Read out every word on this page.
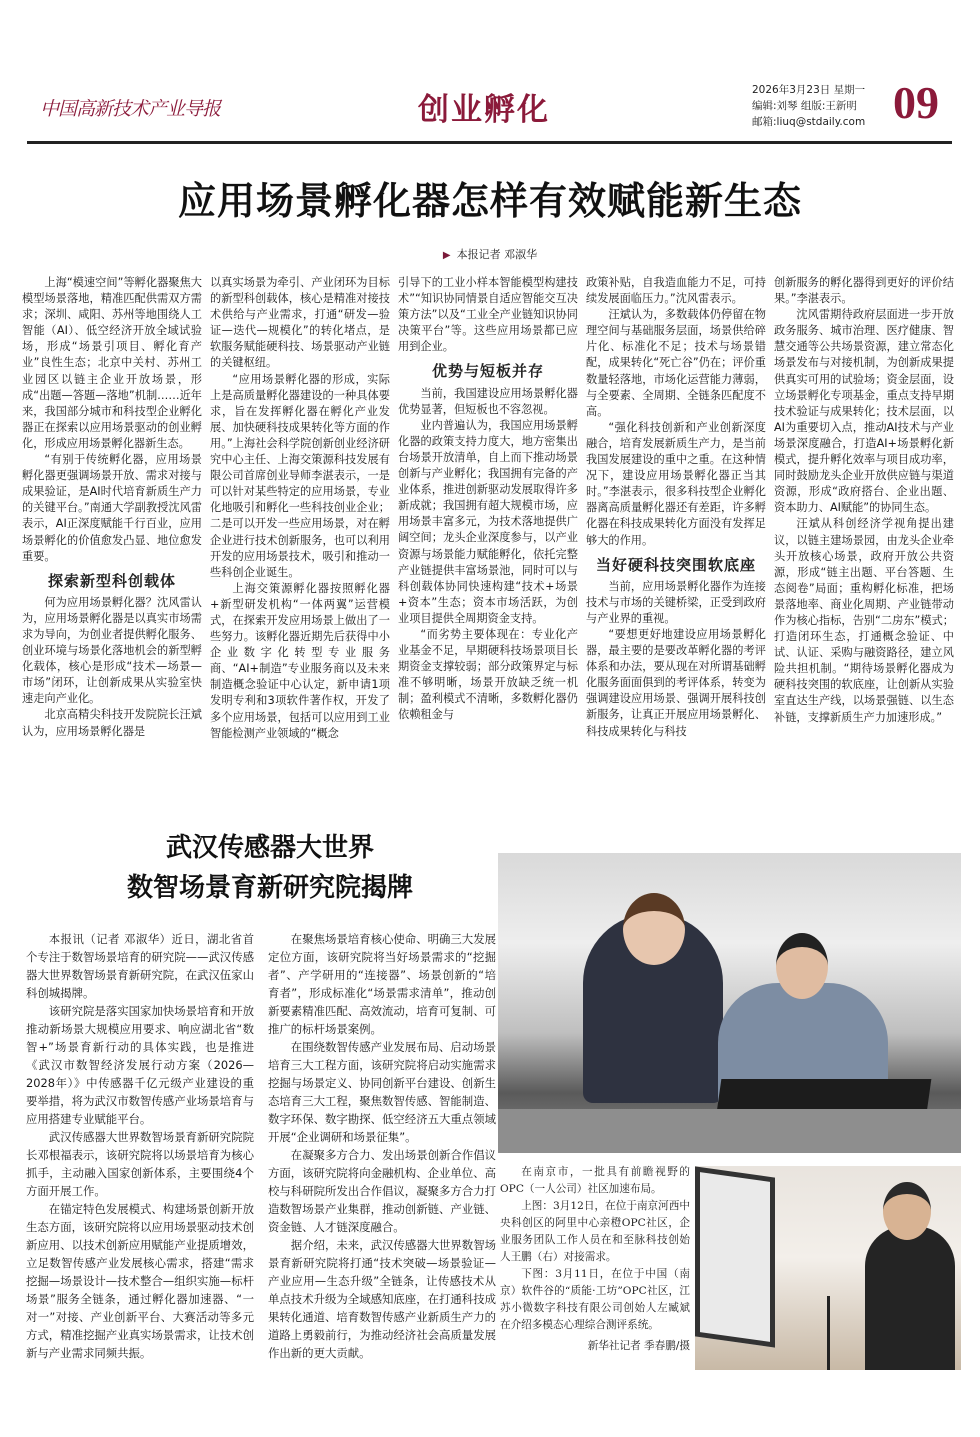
中国高新技术产业导报	创业孵化
2026年3月23日 星期一
编辑:刘琴 组版:王新明
邮箱:liuq@stdaily.com 09
应用场景孵化器怎样有效赋能新生态
▶ 本报记者 邓淑华

上海“模速空间”等孵化器聚焦大模型场景落地，精准匹配供需双方需求；深圳、咸阳、苏州等地围绕人工智能（AI）、低空经济开放全域试验场，形成“场景引项目、孵化育产业”良性生态；北京中关村、苏州工业园区以链主企业开放场景，形成“出题—答题—落地”机制……近年来，我国部分城市和科技型企业孵化器正在探索以应用场景驱动的创业孵化，形成应用场景孵化器新生态。

“有别于传统孵化器，应用场景孵化器更强调场景开放、需求对接与成果验证，是AI时代培育新质生产力的关键平台。”南通大学副教授沈风雷表示，AI正深度赋能千行百业，应用场景孵化的价值愈发凸显、地位愈发重要。

探索新型科创载体

何为应用场景孵化器？沈风雷认为，应用场景孵化器是以真实市场需求为导向，为创业者提供孵化服务、创业环境与场景化落地机会的新型孵化载体，核心是形成“技术—场景—市场”闭环，让创新成果从实验室快速走向产业化。

北京高精尖科技开发院院长汪斌认为，应用场景孵化器是

以真实场景为牵引、产业闭环为目标的新型科创载体，核心是精准对接技术供给与产业需求，打通“研发—验证—迭代—规模化”的转化堵点，是软服务赋能硬科技、场景驱动产业链的关键枢纽。

“应用场景孵化器的形成，实际上是高质量孵化器建设的一种具体要求，旨在发挥孵化器在孵化产业发展、加快硬科技成果转化等方面的作用。”上海社会科学院创新创业经济研究中心主任、上海交策源科技发展有限公司首席创业导师李湛表示，一是可以针对某些特定的应用场景，专业化地吸引和孵化一些科技创业企业；二是可以开发一些应用场景，对在孵企业进行技术创新服务，也可以利用开发的应用场景技术，吸引和推动一些科创企业诞生。

上海交策源孵化器按照孵化器+新型研发机构“一体两翼”运营模式，在探索开发应用场景上做出了一些努力。该孵化器近期先后获得中小企业数字化转型专业服务商、“AI+制造”专业服务商以及未来制造概念验证中心认定，新申请1项发明专利和3项软件著作权，开发了多个应用场景，包括可以应用到工业智能检测产业领域的“概念

引导下的工业小样本智能模型构建技术”“知识协同情景自适应智能交互决策方法”以及“工业全产业链知识协同决策平台”等。这些应用场景都已应用到企业。

优势与短板并存

当前，我国建设应用场景孵化器优势显著，但短板也不容忽视。

业内普遍认为，我国应用场景孵化器的政策支持力度大，地方密集出台场景开放清单，自上而下推动场景创新与产业孵化；我国拥有完备的产业体系，推进创新驱动发展取得许多新成就；我国拥有超大规模市场，应用场景丰富多元，为技术落地提供广阔空间；龙头企业深度参与，以产业资源与场景能力赋能孵化，依托完整产业链提供丰富场景池，同时可以与科创载体协同快速构建“技术+场景+资本”生态；资本市场活跃，为创业项目提供全周期资金支持。

“而劣势主要体现在：专业化产业基金不足，早期硬科技场景项目长期资金支撑较弱；部分政策界定与标准不够明晰，场景开放缺乏统一机制；盈利模式不清晰，多数孵化器仍依赖租金与

政策补贴，自我造血能力不足，可持续发展面临压力。”沈风雷表示。

汪斌认为，多数载体仍停留在物理空间与基础服务层面，场景供给碎片化、标准化不足；技术与场景错配，成果转化“死亡谷”仍在；评价重数量轻落地，市场化运营能力薄弱，与全要素、全周期、全链条匹配度不高。

“强化科技创新和产业创新深度融合，培育发展新质生产力，是当前我国发展建设的重中之重。在这种情况下，建设应用场景孵化器正当其时。”李湛表示，很多科技型企业孵化器离高质量孵化器还有差距，许多孵化器在科技成果转化方面没有发挥足够大的作用。

当好硬科技突围软底座

当前，应用场景孵化器作为连接技术与市场的关键桥梁，正受到政府与产业界的重视。

“要想更好地建设应用场景孵化器，最主要的是要改革孵化器的考评体系和办法，要从现在对所谓基础孵化服务面面俱到的考评体系，转变为强调建设应用场景、强调开展科技创新服务，让真正开展应用场景孵化、科技成果转化与科技

创新服务的孵化器得到更好的评价结果。”李湛表示。

沈风雷期待政府层面进一步开放政务服务、城市治理、医疗健康、智慧交通等公共场景资源，建立常态化场景发布与对接机制，为创新成果提供真实可用的试验场；资金层面，设立场景孵化专项基金，重点支持早期技术验证与成果转化；技术层面，以AI为重要切入点，推动AI技术与产业场景深度融合，打造AI+场景孵化新模式，提升孵化效率与项目成功率，同时鼓励龙头企业开放供应链与渠道资源，形成“政府搭台、企业出题、资本助力、AI赋能”的协同生态。

汪斌从科创经济学视角提出建议，以链主建场景园，由龙头企业牵头开放核心场景，政府开放公共资源，形成“链主出题、平台答题、生态阅卷”局面；重构孵化标准，把场景落地率、商业化周期、产业链带动作为核心指标，告别“二房东”模式；打造闭环生态，打通概念验证、中试、认证、采购与融资路径，建立风险共担机制。“期待场景孵化器成为硬科技突围的软底座，让创新从实验室直达生产线，以场景强链、以生态补链，支撑新质生产力加速形成。”

武汉传感器大世界
数智场景育新研究院揭牌

本报讯（记者 邓淑华）近日，湖北省首个专注于数智场景培育的研究院——武汉传感器大世界数智场景育新研究院，在武汉伍家山科创城揭牌。

该研究院是落实国家加快场景培育和开放推动新场景大规模应用要求、响应湖北省“数智+”场景育新行动的具体实践，也是推进《武汉市数智经济发展行动方案（2026—2028年）》中传感器千亿元级产业建设的重要举措，将为武汉市数智传感产业场景培育与应用搭建专业赋能平台。

武汉传感器大世界数智场景育新研究院院长邓根福表示，该研究院将以场景培育为核心抓手，主动融入国家创新体系，主要围绕4个方面开展工作。

在锚定特色发展模式、构建场景创新开放生态方面，该研究院将以应用场景驱动技术创新应用、以技术创新应用赋能产业提质增效，立足数智传感产业发展核心需求，搭建“需求挖掘—场景设计—技术整合—组织实施—标杆场景”服务全链条，通过孵化器加速器、“一对一”对接、产业创新平台、大赛活动等多元方式，精准挖掘产业真实场景需求，让技术创新与产业需求同频共振。

在聚焦场景培育核心使命、明确三大发展定位方面，该研究院将当好场景需求的“挖掘者”、产学研用的“连接器”、场景创新的“培育者”，形成标准化“场景需求清单”，推动创新要素精准匹配、高效流动，培育可复制、可推广的标杆场景案例。

在围绕数智传感产业发展布局、启动场景培育三大工程方面，该研究院将启动实施需求挖掘与场景定义、协同创新平台建设、创新生态培育三大工程，聚焦数智传感、智能制造、数字环保、数字勘探、低空经济五大重点领域开展“企业调研和场景征集”。

在凝聚多方合力、发出场景创新合作倡议方面，该研究院将向金融机构、企业单位、高校与科研院所发出合作倡议，凝聚多方合力打造数智场景产业集群，推动创新链、产业链、资金链、人才链深度融合。

据介绍，未来，武汉传感器大世界数智场景育新研究院将打通“技术突破—场景验证—产业应用—生态升级”全链条，让传感技术从单点技术升级为全域感知底座，在打通科技成果转化通道、培育数智传感产业新质生产力的道路上勇毅前行，为推动经济社会高质量发展作出新的更大贡献。

在南京市，一批具有前瞻视野的OPC（一人公司）社区加速布局。

上图：3月12日，在位于南京河西中央科创区的阿里中心亲橙OPC社区，企业服务团队工作人员在和至脉科技创始人王鹏（右）对接需求。

下图：3月11日，在位于中国（南京）软件谷的“质能·工坊”OPC社区，江苏小微数字科技有限公司创始人左臧斌在介绍多模态心理综合测评系统。

新华社记者 季春鹏/摄
